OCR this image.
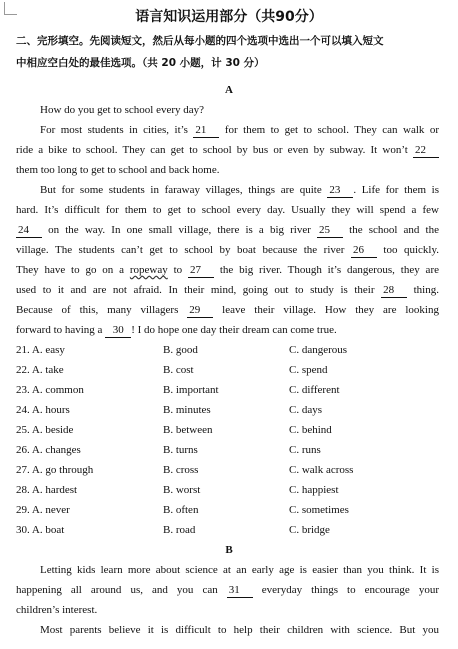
语言知识运用部分（共90分）
二、完形填空。先阅读短文，然后从每小题的四个选项中选出一个可以填入短文
中相应空白处的最佳选项。（共 20 小题，计 30 分）
A
How do you get to school every day?
For most students in cities, it’s 21 for them to get to school. They can walk or
ride a bike to school. They can get to school by bus or even by subway. It won’t 22
them too long to get to school and back home.
But for some students in faraway villages, things are quite 23 . Life for them is
hard. It’s difficult for them to get to school every day. Usually they will spend a few
24 on the way. In one small village, there is a big river 25 the school and the
village. The students can’t get to school by boat because the river 26 too quickly.
They have to go on a ropeway to 27 the big river. Though it’s dangerous, they are
used to it and are not afraid. In their mind, going out to study is their 28 thing.
Because of this, many villagers 29 leave their village. How they are looking
forward to having a 30 ! I do hope one day their dream can come true.
21. A. easy	B. good	C. dangerous
22. A. take	B. cost	C. spend
23. A. common	B. important	C. different
24. A. hours	B. minutes	C. days
25. A. beside	B. between	C. behind
26. A. changes	B. turns	C. runs
27. A. go through	B. cross	C. walk across
28. A. hardest	B. worst	C. happiest
29. A. never	B. often	C. sometimes
30. A. boat	B. road	C. bridge
B
Letting kids learn more about science at an early age is easier than you think. It is
happening all around us, and you can 31 everyday things to encourage your
children’s interest.
Most parents believe it is difficult to help their children with science. But you
